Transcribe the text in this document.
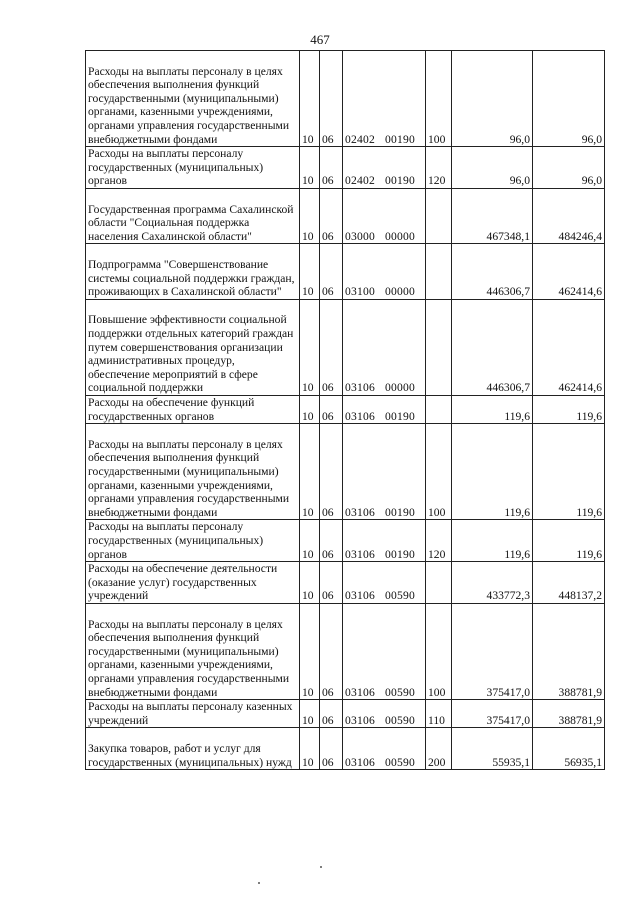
467
Расходы на выплаты персоналу в целях обеспечения выполнения функций государственными (муниципальными) органами, казенными учреждениями, органами управления государственными внебюджетными фондами	10	06	02402 00190	100	96,0	96,0

Расходы на выплаты персоналу государственных (муниципальных) органов	10	06	02402 00190	120	96,0	96,0

Государственная программа Сахалинской области "Социальная поддержка населения Сахалинской области"	10	06	03000 00000		467348,1	484246,4

Подпрограмма "Совершенствование системы социальной поддержки граждан, проживающих в Сахалинской области"	10	06	03100 00000		446306,7	462414,6

Повышение эффективности социальной поддержки отдельных категорий граждан путем совершенствования организации административных процедур, обеспечение мероприятий в сфере социальной поддержки	10	06	03106 00000		446306,7	462414,6

Расходы на обеспечение функций государственных органов	10	06	03106 00190		119,6	119,6

Расходы на выплаты персоналу в целях обеспечения выполнения функций государственными (муниципальными) органами, казенными учреждениями, органами управления государственными внебюджетными фондами	10	06	03106 00190	100	119,6	119,6

Расходы на выплаты персоналу государственных (муниципальных) органов	10	06	03106 00190	120	119,6	119,6

Расходы на обеспечение деятельности (оказание услуг) государственных учреждений	10	06	03106 00590		433772,3	448137,2

Расходы на выплаты персоналу в целях обеспечения выполнения функций государственными (муниципальными) органами, казенными учреждениями, органами управления государственными внебюджетными фондами	10	06	03106 00590	100	375417,0	388781,9

Расходы на выплаты персоналу казенных учреждений	10	06	03106 00590	110	375417,0	388781,9

Закупка товаров, работ и услуг для государственных (муниципальных) нужд	10	06	03106 00590	200	55935,1	56935,1
